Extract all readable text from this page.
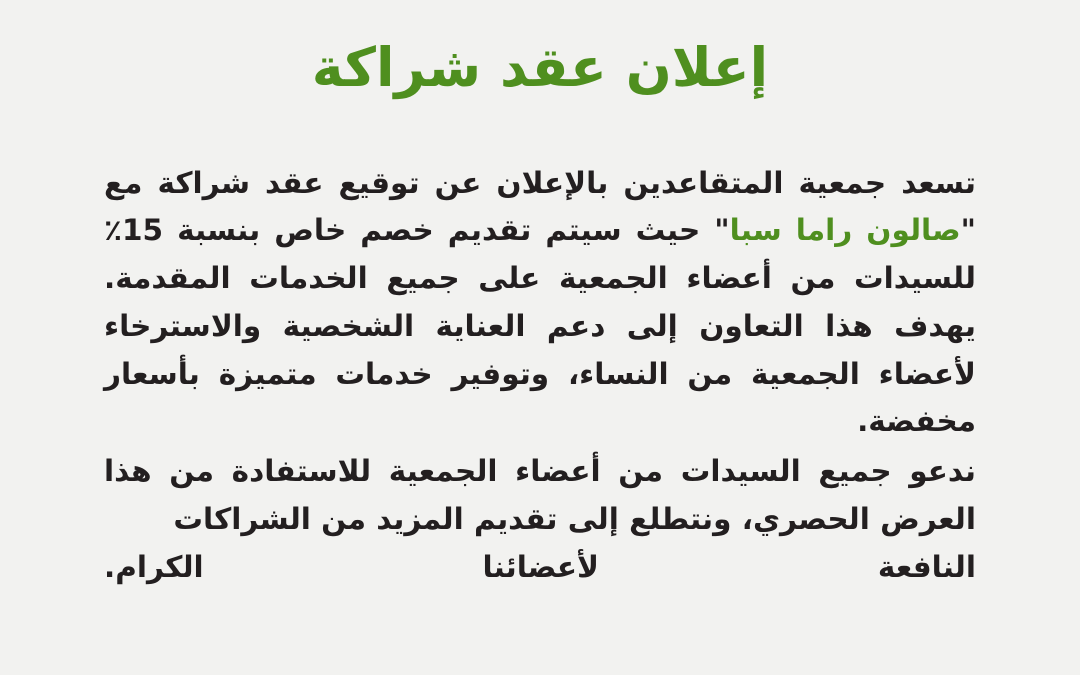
إعلان عقد شراكة

تسعد جمعية المتقاعدين بالإعلان عن توقيع عقد شراكة مع "صالون راما سبا" حيث سيتم تقديم خصم خاص بنسبة 15٪ للسيدات من أعضاء الجمعية على جميع الخدمات المقدمة. يهدف هذا التعاون إلى دعم العناية الشخصية والاسترخاء لأعضاء الجمعية من النساء، وتوفير خدمات متميزة بأسعار مخفضة.

ندعو جميع السيدات من أعضاء الجمعية للاستفادة من هذا العرض الحصري، ونتطلع إلى تقديم المزيد من الشراكات

النافعة لأعضائنا الكرام.
